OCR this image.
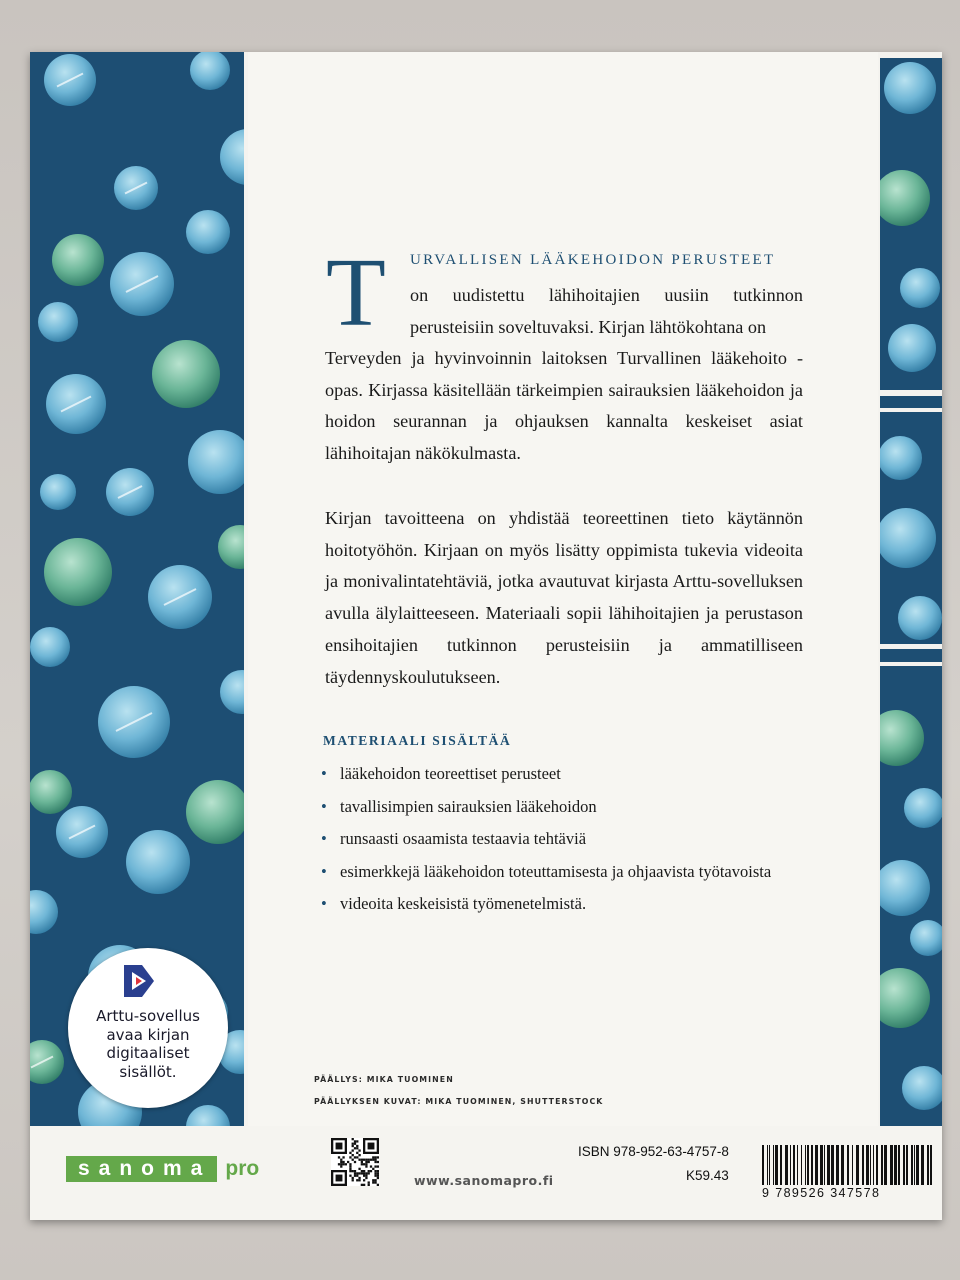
T URVALLISEN LÄÄKEHOIDON PERUSTEET

on uudistettu lähihoitajien uusiin tutkinnon perusteisiin soveltuvaksi. Kirjan lähtökohtana on

Terveyden ja hyvinvoinnin laitoksen Turvallinen lääkehoito -opas. Kirjassa käsitellään tärkeimpien sairauksien lääkehoidon ja hoidon seurannan ja ohjauksen kannalta keskeiset asiat lähihoitajan näkökulmasta.

Kirjan tavoitteena on yhdistää teoreettinen tieto käytännön hoitotyöhön. Kirjaan on myös lisätty oppimista tukevia videoita ja monivalintatehtäviä, jotka avautuvat kirjasta Arttu-sovelluksen avulla älylaitteeseen. Materiaali sopii lähihoitajien ja perustason ensihoitajien tutkinnon perusteisiin ja ammatilliseen täydennyskoulutukseen.

MATERIAALI SISÄLTÄÄ

• lääkehoidon teoreettiset perusteet
• tavallisimpien sairauksien lääkehoidon
• runsaasti osaamista testaavia tehtäviä
• esimerkkejä lääkehoidon toteuttamisesta ja ohjaavista työtavoista
• videoita keskeisistä työmenetelmistä.

PÄÄLLYS: MIKA TUOMINEN

PÄÄLLYKSEN KUVAT: MIKA TUOMINEN, SHUTTERSTOCK

Arttu-sovellus
avaa kirjan
digitaaliset
sisällöt.
sanoma pro
www.sanomapro.fi
ISBN 978-952-63-4757-8
K59.43
9 789526 347578
